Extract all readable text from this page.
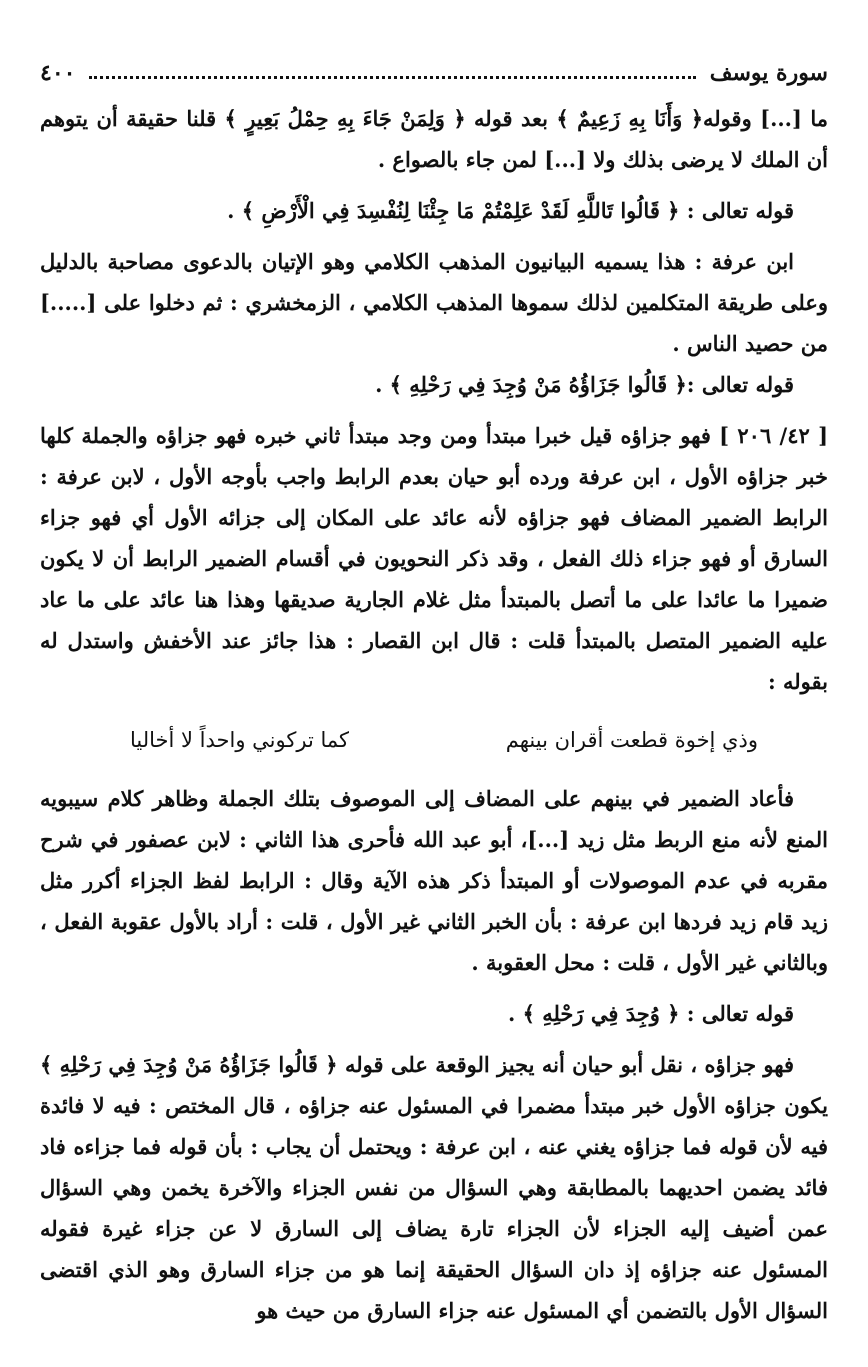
سورة يوسف
٤٠٠

ما [...] وقوله﴿ وَأَنَا بِهِ زَعِيمٌ ﴾ بعد قوله ﴿ وَلِمَنْ جَاءَ بِهِ حِمْلُ بَعِيرٍ ﴾ قلنا حقيقة أن يتوهم أن الملك لا يرضى بذلك ولا [...] لمن جاء بالصواع .

قوله تعالى : ﴿ قَالُوا تَاللَّهِ لَقَدْ عَلِمْتُمْ مَا جِئْنَا لِنُفْسِدَ فِي الْأَرْضِ ﴾ .

ابن عرفة : هذا يسميه البيانيون المذهب الكلامي وهو الإتيان بالدعوى مصاحبة بالدليل وعلى طريقة المتكلمين لذلك سموها المذهب الكلامي ، الزمخشري : ثم دخلوا على [.....] من حصيد الناس .

قوله تعالى :﴿ قَالُوا جَزَاؤُهُ مَنْ وُجِدَ فِي رَحْلِهِ ﴾ .

[ ٤٢/ ٢٠٦ ] فهو جزاؤه قيل خبرا مبتدأ ومن وجد مبتدأ ثاني خبره فهو جزاؤه والجملة كلها خبر جزاؤه الأول ، ابن عرفة ورده أبو حيان بعدم الرابط واجب بأوجه الأول ، لابن عرفة : الرابط الضمير المضاف فهو جزاؤه لأنه عائد على المكان إلى جزائه الأول أي فهو جزاء السارق أو فهو جزاء ذلك الفعل ، وقد ذكر النحويون في أقسام الضمير الرابط أن لا يكون ضميرا ما عائدا على ما أتصل بالمبتدأ مثل غلام الجارية صديقها وهذا هنا عائد على ما عاد عليه الضمير المتصل بالمبتدأ قلت : قال ابن القصار : هذا جائز عند الأخفش واستدل له بقوله :

وذي إخوة قطعت أقران بينهم
كما تركوني واحداً لا أخاليا

فأعاد الضمير في بينهم على المضاف إلى الموصوف بتلك الجملة وظاهر كلام سيبويه المنع لأنه منع الربط مثل زيد [...]، أبو عبد الله فأحرى هذا الثاني : لابن عصفور في شرح مقربه في عدم الموصولات أو المبتدأ ذكر هذه الآية وقال : الرابط لفظ الجزاء أكرر مثل زيد قام زيد فردها ابن عرفة : بأن الخبر الثاني غير الأول ، قلت : أراد بالأول عقوبة الفعل ، وبالثاني غير الأول ، قلت : محل العقوبة .

قوله تعالى : ﴿ وُجِدَ فِي رَحْلِهِ ﴾ .

فهو جزاؤه ، نقل أبو حيان أنه يجيز الوقعة على قوله ﴿ قَالُوا جَزَاؤُهُ مَنْ وُجِدَ فِي رَحْلِهِ ﴾ يكون جزاؤه الأول خبر مبتدأ مضمرا في المسئول عنه جزاؤه ، قال المختص : فيه لا فائدة فيه لأن قوله فما جزاؤه يغني عنه ، ابن عرفة : ويحتمل أن يجاب : بأن قوله فما جزاءه فاد فائد يضمن احديهما بالمطابقة وهي السؤال من نفس الجزاء والآخرة يخمن وهي السؤال عمن أضيف إليه الجزاء لأن الجزاء تارة يضاف إلى السارق لا عن جزاء غيرة فقوله المسئول عنه جزاؤه إذ دان السؤال الحقيقة إنما هو من جزاء السارق وهو الذي اقتضى السؤال الأول بالتضمن أي المسئول عنه جزاء السارق من حيث هو
